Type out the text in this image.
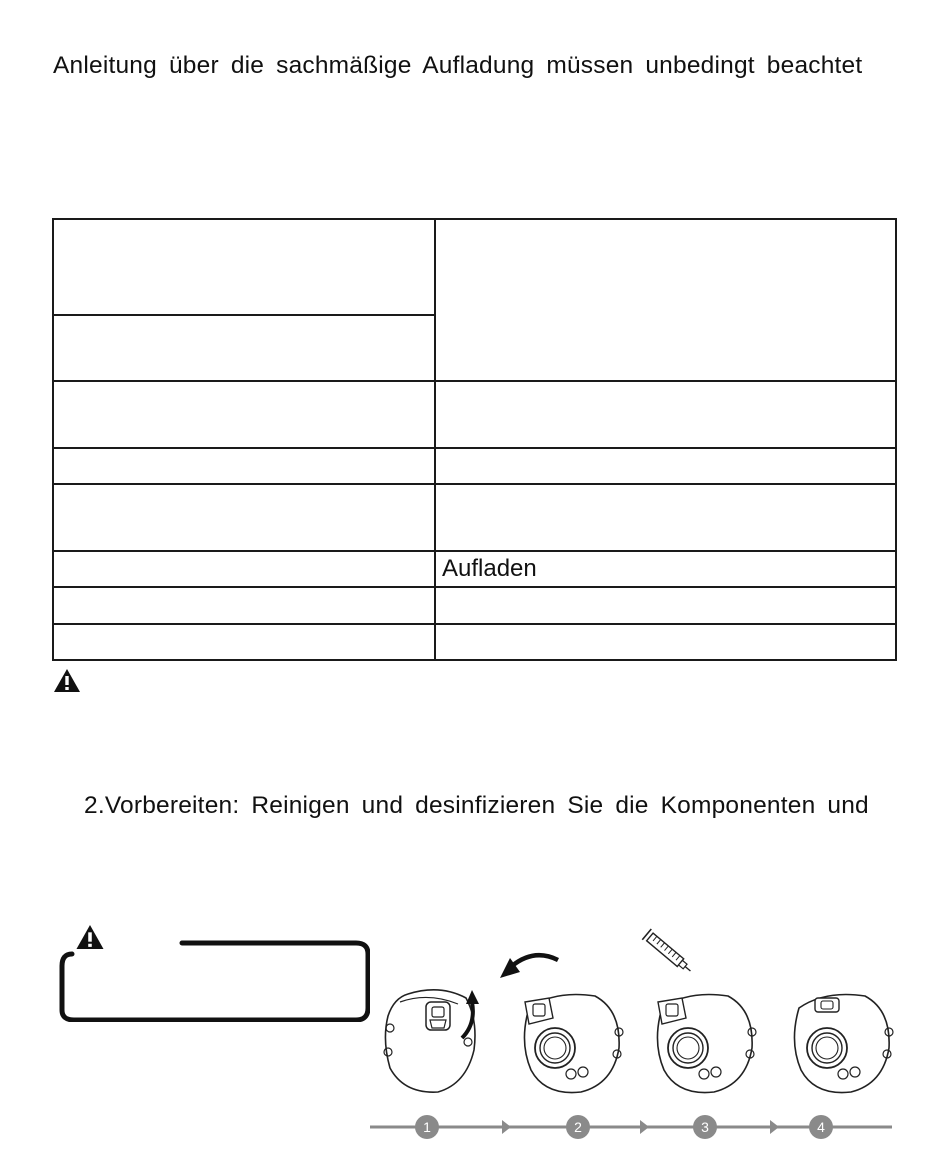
Anleitung über die sachmäßige Aufladung müssen unbedingt beachtet

	Aufladen

2.Vorbereiten: Reinigen und desinfizieren Sie die Komponenten und
1	2	3	4
